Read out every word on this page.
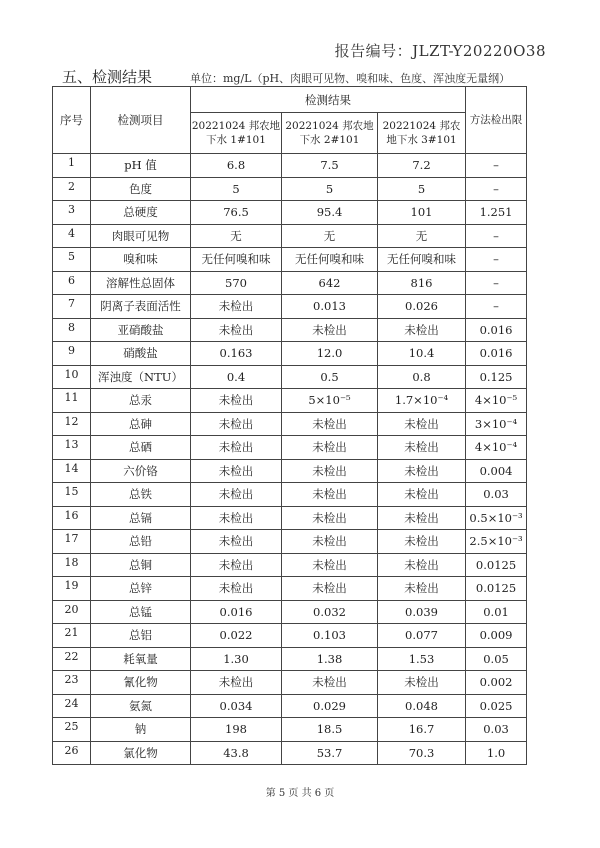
报告编号：JLZT-Y20220O38
五、检测结果	单位：mg/L（pH、肉眼可见物、嗅和味、色度、浑浊度无量纲）
序号	检测项目	检测结果			方法检出限
		20221024 邦农地下水 1#101	20221024 邦农地下水 2#101	20221024 邦农地下水 3#101	
1	pH 值	6.8	7.5	7.2	–
2	色度	5	5	5	–
3	总硬度	76.5	95.4	101	1.251
4	肉眼可见物	无	无	无	–
5	嗅和味	无任何嗅和味	无任何嗅和味	无任何嗅和味	–
6	溶解性总固体	570	642	816	–
7	阴离子表面活性	未检出	0.013	0.026	–
8	亚硝酸盐	未检出	未检出	未检出	0.016
9	硝酸盐	0.163	12.0	10.4	0.016
10	浑浊度（NTU）	0.4	0.5	0.8	0.125
11	总汞	未检出	5×10⁻⁵	1.7×10⁻⁴	4×10⁻⁵
12	总砷	未检出	未检出	未检出	3×10⁻⁴
13	总硒	未检出	未检出	未检出	4×10⁻⁴
14	六价铬	未检出	未检出	未检出	0.004
15	总铁	未检出	未检出	未检出	0.03
16	总镉	未检出	未检出	未检出	0.5×10⁻³
17	总铅	未检出	未检出	未检出	2.5×10⁻³
18	总铜	未检出	未检出	未检出	0.0125
19	总锌	未检出	未检出	未检出	0.0125
20	总锰	0.016	0.032	0.039	0.01
21	总铝	0.022	0.103	0.077	0.009
22	耗氧量	1.30	1.38	1.53	0.05
23	氰化物	未检出	未检出	未检出	0.002
24	氨氮	0.034	0.029	0.048	0.025
25	钠	198	18.5	16.7	0.03
26	氯化物	43.8	53.7	70.3	1.0
第 5 页 共 6 页
